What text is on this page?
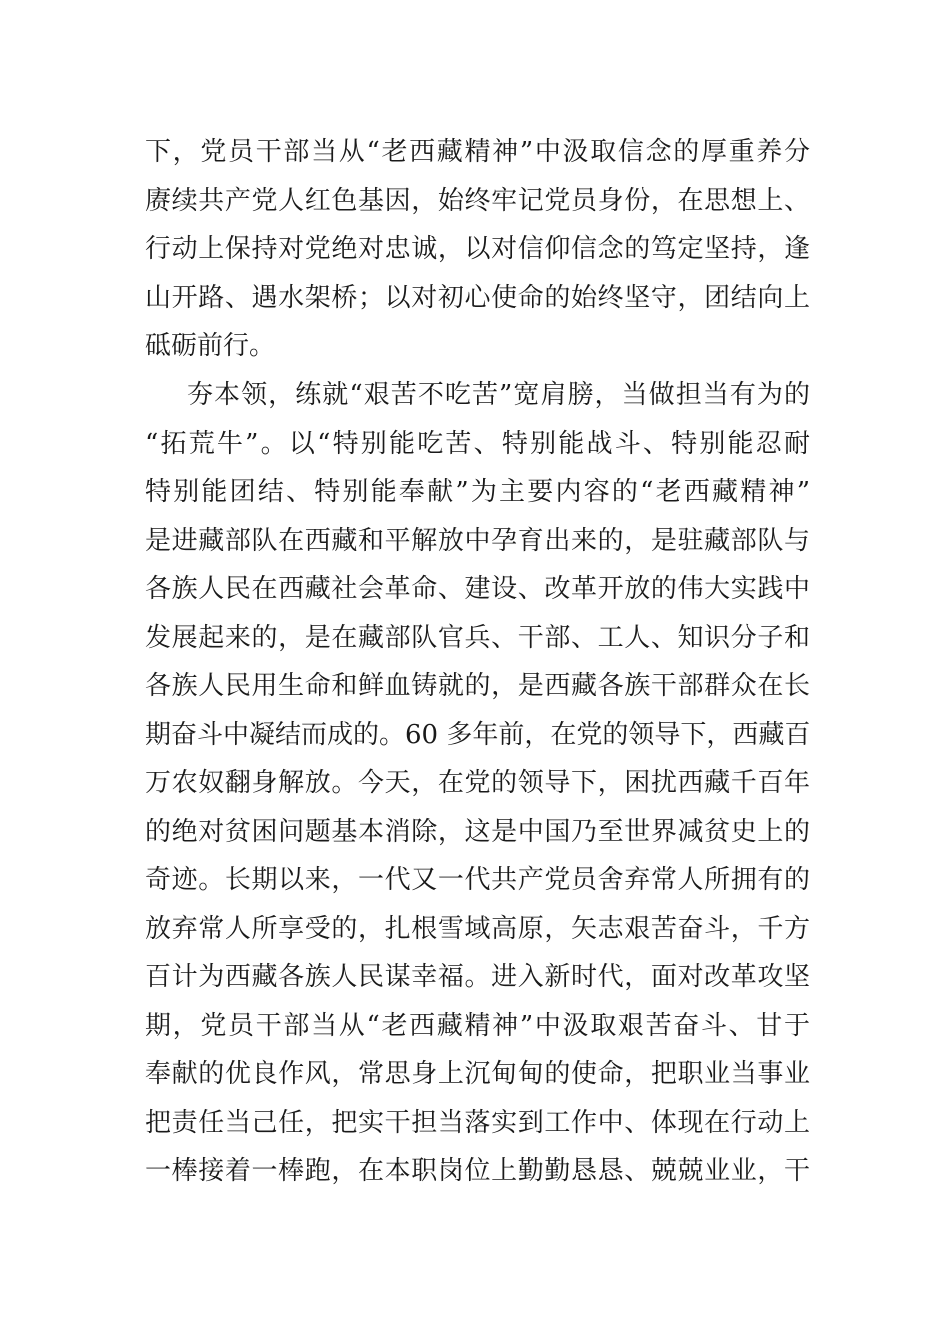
下，党员干部当从“老西藏精神”中汲取信念的厚重养分
赓续共产党人红色基因，始终牢记党员身份，在思想上、
行动上保持对党绝对忠诚，以对信仰信念的笃定坚持，逢
山开路、遇水架桥；以对初心使命的始终坚守，团结向上
砥砺前行。
夯本领，练就“艰苦不吃苦”宽肩膀，当做担当有为的
“拓荒牛”。以“特别能吃苦、特别能战斗、特别能忍耐
特别能团结、特别能奉献”为主要内容的“老西藏精神”
是进藏部队在西藏和平解放中孕育出来的，是驻藏部队与
各族人民在西藏社会革命、建设、改革开放的伟大实践中
发展起来的，是在藏部队官兵、干部、工人、知识分子和
各族人民用生命和鲜血铸就的，是西藏各族干部群众在长
期奋斗中凝结而成的。60 多年前，在党的领导下，西藏百
万农奴翻身解放。今天，在党的领导下，困扰西藏千百年
的绝对贫困问题基本消除，这是中国乃至世界减贫史上的
奇迹。长期以来，一代又一代共产党员舍弃常人所拥有的
放弃常人所享受的，扎根雪域高原，矢志艰苦奋斗，千方
百计为西藏各族人民谋幸福。进入新时代，面对改革攻坚
期，党员干部当从“老西藏精神”中汲取艰苦奋斗、甘于
奉献的优良作风，常思身上沉甸甸的使命，把职业当事业
把责任当己任，把实干担当落实到工作中、体现在行动上
一棒接着一棒跑，在本职岗位上勤勤恳恳、兢兢业业，干
